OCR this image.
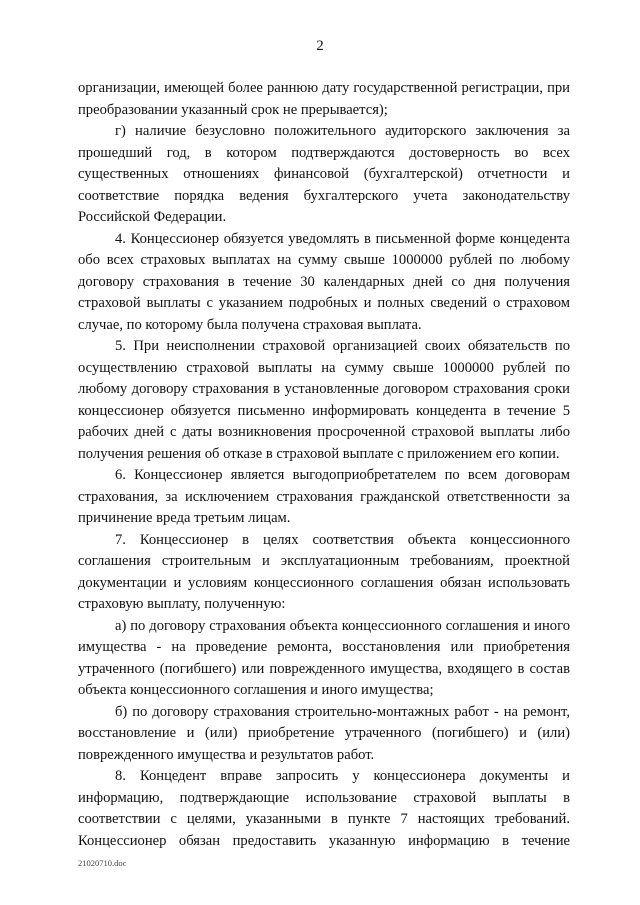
2

организации, имеющей более раннюю дату государственной регистрации, при преобразовании указанный срок не прерывается);

г) наличие безусловно положительного аудиторского заключения за прошедший год, в котором подтверждаются достоверность во всех существенных отношениях финансовой (бухгалтерской) отчетности и соответствие порядка ведения бухгалтерского учета законодательству Российской Федерации.

4. Концессионер обязуется уведомлять в письменной форме концедента обо всех страховых выплатах на сумму свыше 1000000 рублей по любому договору страхования в течение 30 календарных дней со дня получения страховой выплаты с указанием подробных и полных сведений о страховом случае, по которому была получена страховая выплата.

5. При неисполнении страховой организацией своих обязательств по осуществлению страховой выплаты на сумму свыше 1000000 рублей по любому договору страхования в установленные договором страхования сроки концессионер обязуется письменно информировать концедента в течение 5 рабочих дней с даты возникновения просроченной страховой выплаты либо получения решения об отказе в страховой выплате с приложением его копии.

6. Концессионер является выгодоприобретателем по всем договорам страхования, за исключением страхования гражданской ответственности за причинение вреда третьим лицам.

7. Концессионер в целях соответствия объекта концессионного соглашения строительным и эксплуатационным требованиям, проектной документации и условиям концессионного соглашения обязан использовать страховую выплату, полученную:

а) по договору страхования объекта концессионного соглашения и иного имущества - на проведение ремонта, восстановления или приобретения утраченного (погибшего) или поврежденного имущества, входящего в состав объекта концессионного соглашения и иного имущества;

б) по договору страхования строительно-монтажных работ - на ремонт, восстановление и (или) приобретение утраченного (погибшего) и (или) поврежденного имущества и результатов работ.

8. Концедент вправе запросить у концессионера документы и информацию, подтверждающие использование страховой выплаты в соответствии с целями, указанными в пункте 7 настоящих требований. Концессионер обязан предоставить указанную информацию в течение

21020710.doc
